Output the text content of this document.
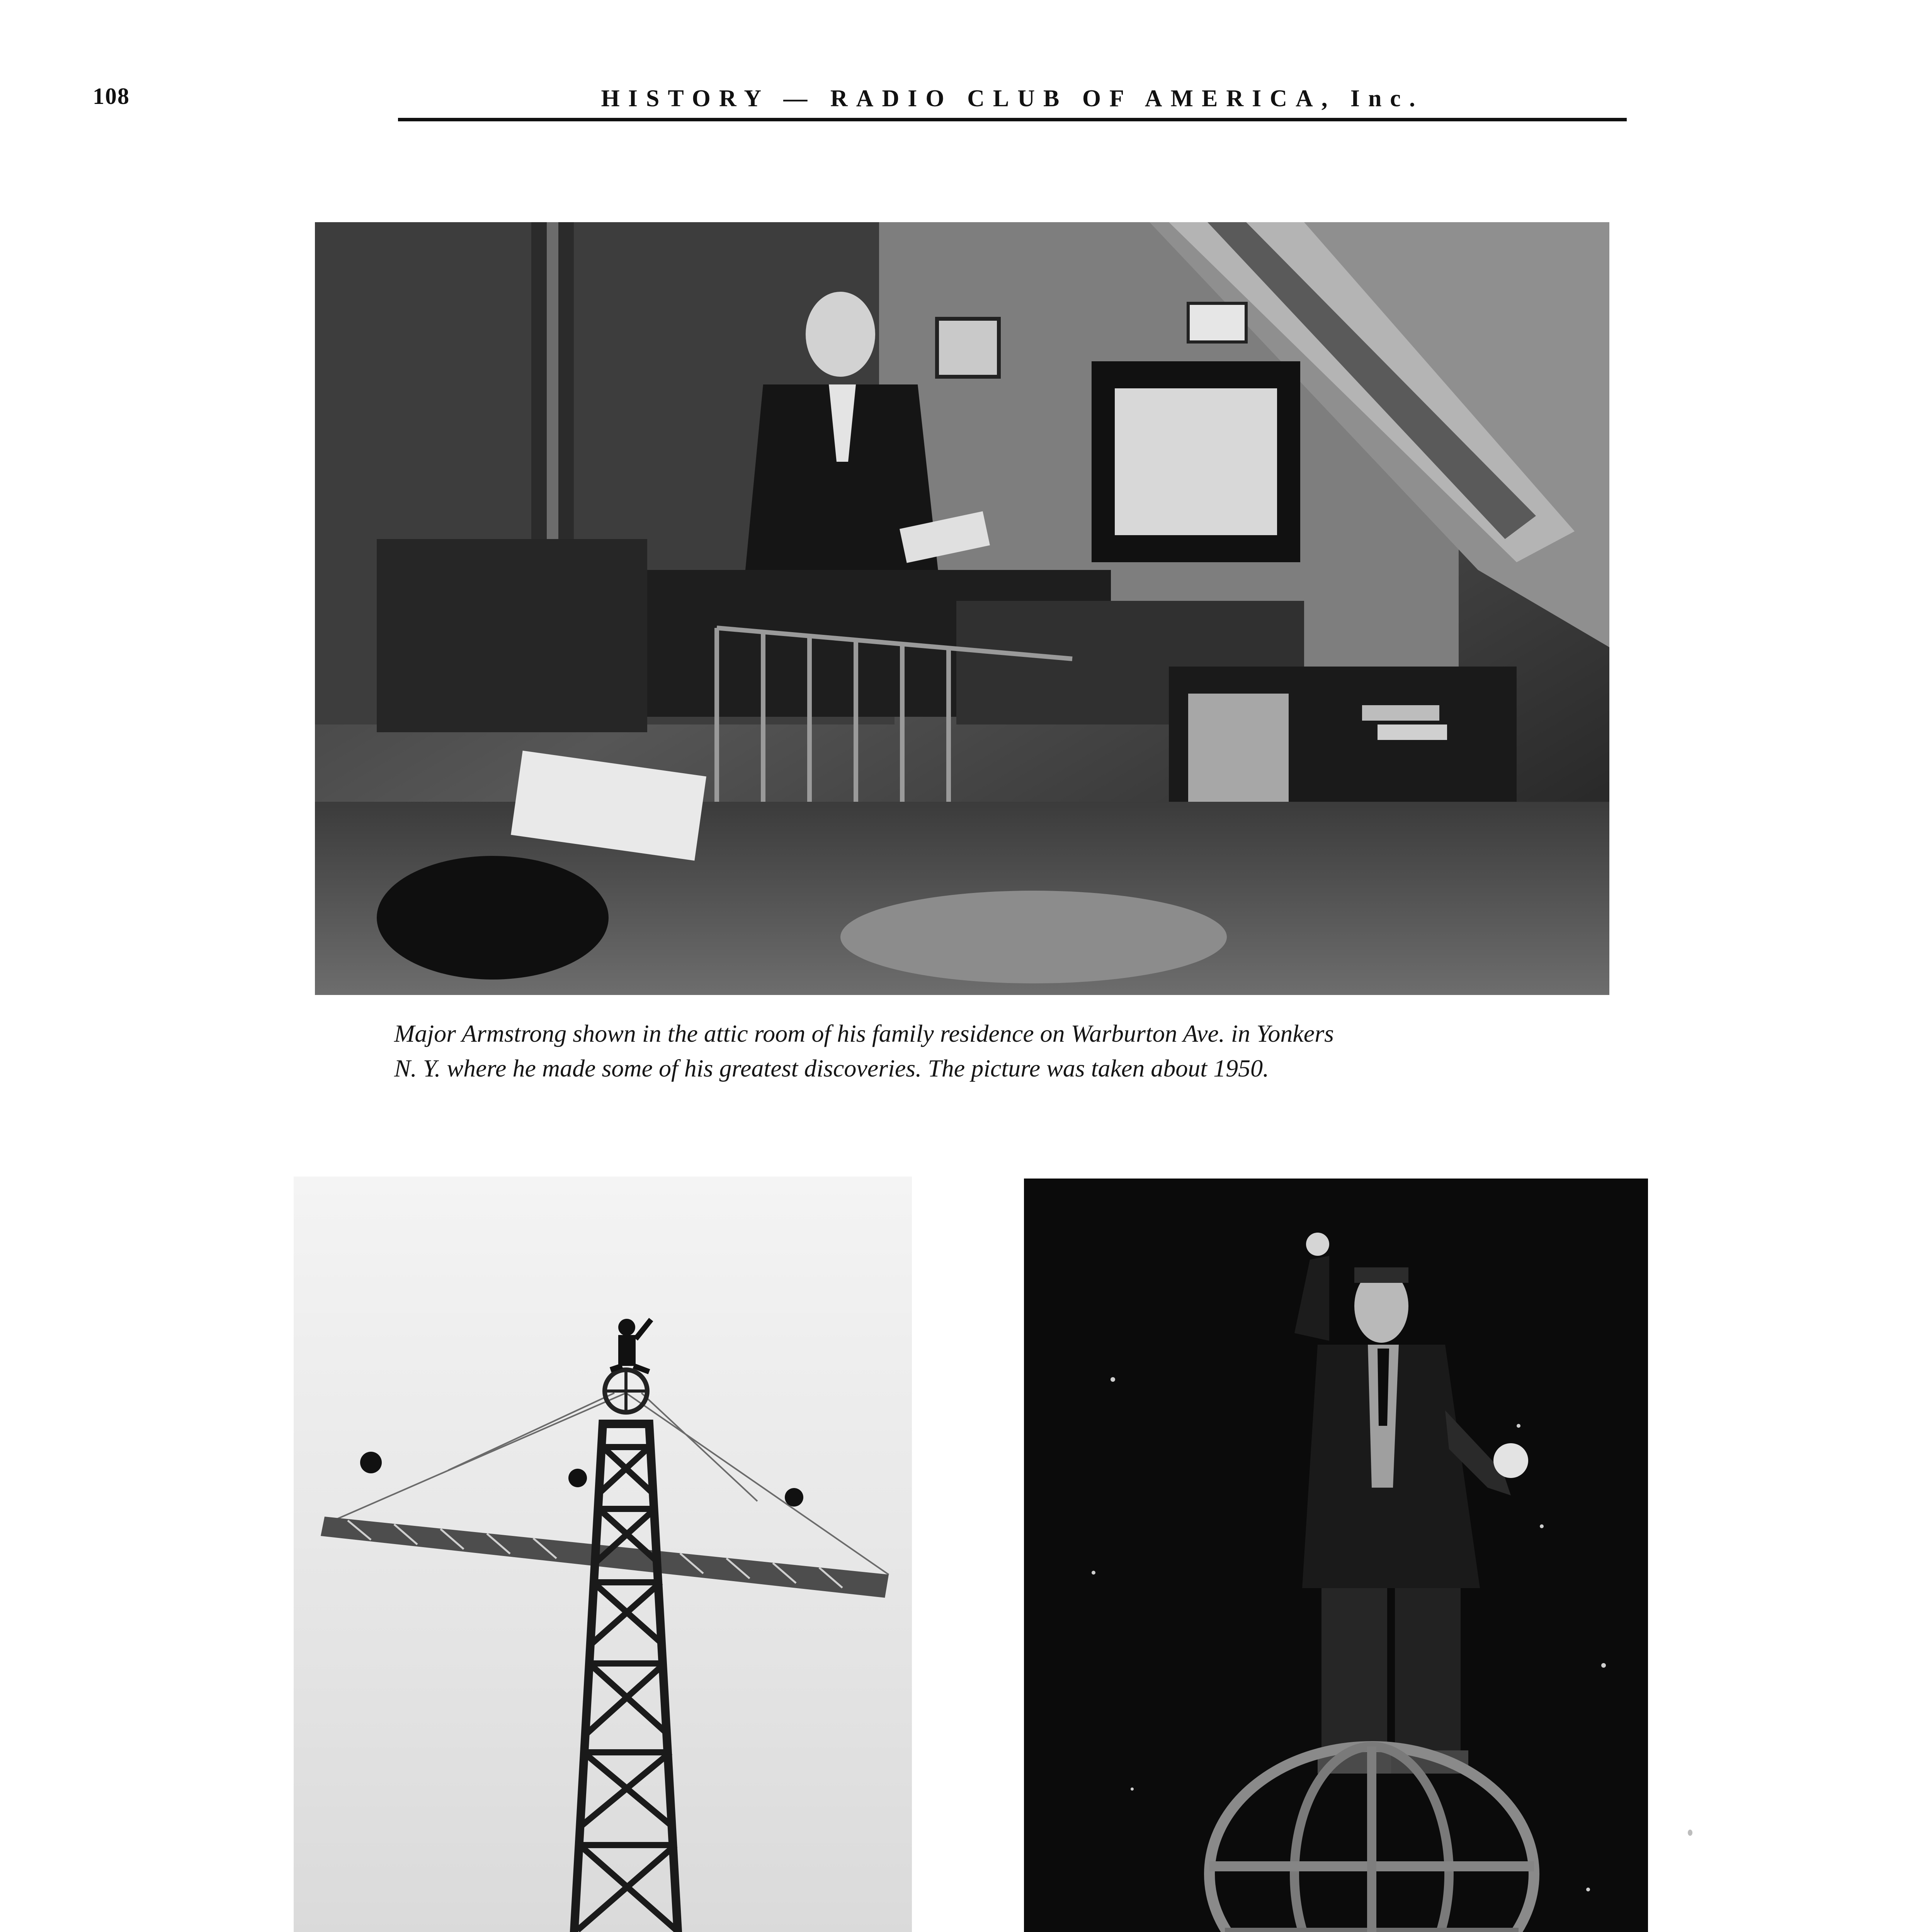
108	HISTORY — RADIO CLUB OF AMERICA, Inc.
Major Armstrong shown in the attic room of his family residence on Warburton Ave. in Yonkers
N. Y. where he made some of his greatest discoveries. The picture was taken about 1950.
